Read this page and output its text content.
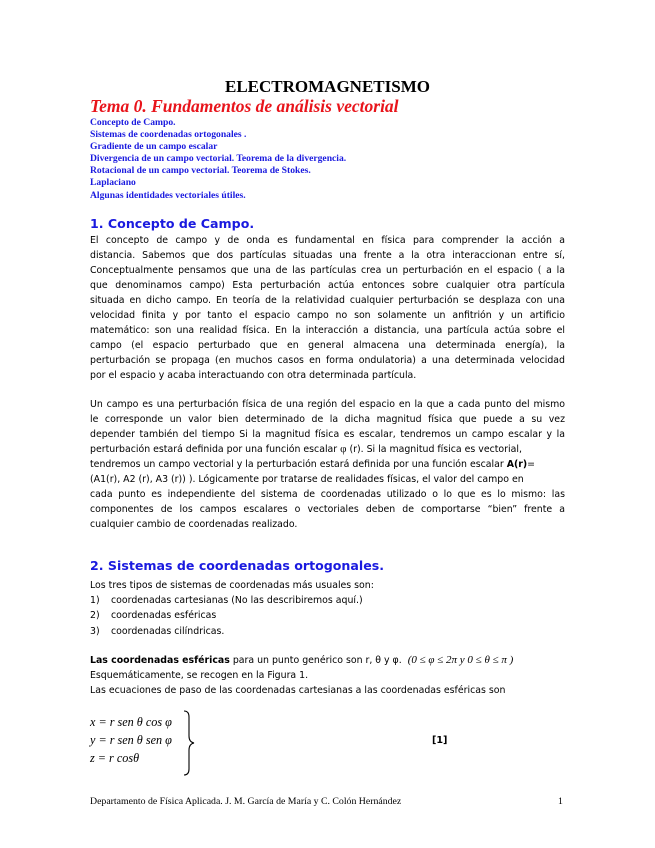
ELECTROMAGNETISMO
Tema 0. Fundamentos de análisis vectorial
Concepto de Campo.
Sistemas de coordenadas ortogonales .
Gradiente de un campo escalar
Divergencia de un campo vectorial. Teorema de la divergencia.
Rotacional de un campo vectorial. Teorema de Stokes.
Laplaciano
Algunas identidades vectoriales útiles.
1. Concepto de Campo.
El concepto de campo y de onda es fundamental en física para comprender la acción a
distancia. Sabemos que dos partículas situadas una frente a la otra interaccionan entre sí,
Conceptualmente pensamos que una de las partículas crea un perturbación en el espacio ( a la
que denominamos campo) Esta perturbación actúa entonces sobre cualquier otra partícula
situada en dicho campo. En teoría de la relatividad cualquier perturbación se desplaza con una
velocidad finita y por tanto el espacio campo no son solamente un anfitrión y un artificio
matemático: son una realidad física. En la interacción a distancia, una partícula actúa sobre el
campo (el espacio perturbado que en general almacena una determinada energía), la
perturbación se propaga (en muchos casos en forma ondulatoria) a una determinada velocidad
por el espacio y acaba interactuando con otra determinada partícula.
Un campo es una perturbación física de una región del espacio en la que a cada punto del mismo
le corresponde un valor bien determinado de la dicha magnitud física que puede a su vez
depender también del tiempo Si la magnitud física es escalar, tendremos un campo escalar y la
perturbación estará definida por una función escalar φ (r). Si la magnitud física es vectorial,
tendremos un campo vectorial y la perturbación estará definida por una función escalar A(r)=
(A1(r), A2 (r), A3 (r)) ). Lógicamente por tratarse de realidades físicas, el valor del campo en
cada punto es independiente del sistema de coordenadas utilizado o lo que es lo mismo: las
componentes de los campos escalares o vectoriales deben de comportarse “bien” frente a
cualquier cambio de coordenadas realizado.
2. Sistemas de coordenadas ortogonales.
Los tres tipos de sistemas de coordenadas más usuales son:
1) coordenadas cartesianas (No las describiremos aquí.)
2) coordenadas esféricas
3) coordenadas cilíndricas.
Las coordenadas esféricas para un punto genérico son r, θ y φ. (0 ≤ φ ≤ 2π y 0 ≤ θ ≤ π )
Esquemáticamente, se recogen en la Figura 1.
Las ecuaciones de paso de las coordenadas cartesianas a las coordenadas esféricas son
x = r sen θ cos φ
y = r sen θ sen φ
z = r cosθ
[1]
Departamento de Física Aplicada. J. M. García de María y C. Colón Hernández	1
